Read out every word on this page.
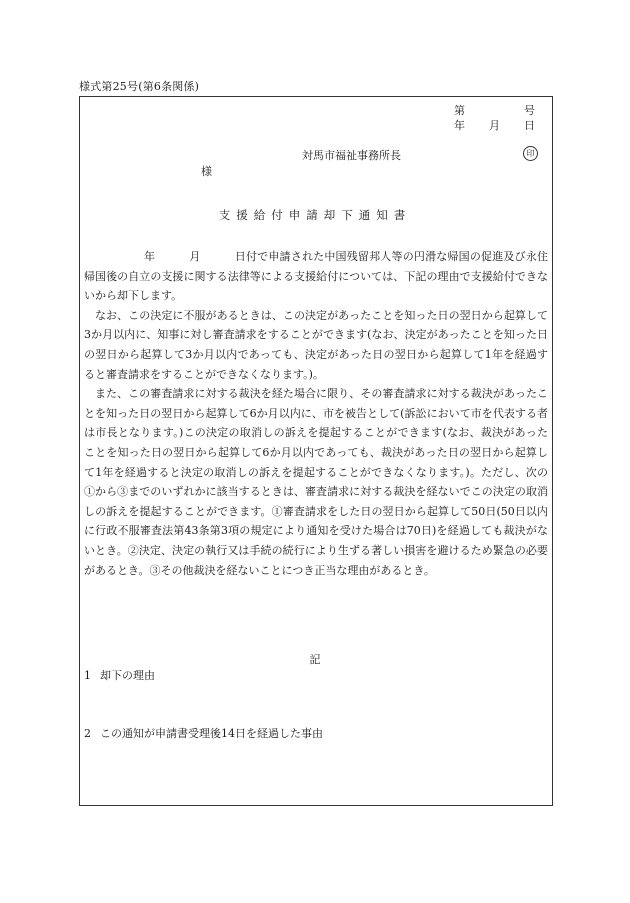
様式第25号(第6条関係)
第	号
年 月 日
対馬市福祉事務所長	印
様
支援給付申請却下通知書

年	月	日付で申請された中国残留邦人等の円滑な帰国の促進及び永住帰国後の自立の支援に関する法律等による支援給付については、下記の理由で支援給付できないから却下します。

なお、この決定に不服があるときは、この決定があったことを知った日の翌日から起算して3か月以内に、知事に対し審査請求をすることができます(なお、決定があったことを知った日の翌日から起算して3か月以内であっても、決定があった日の翌日から起算して1年を経過すると審査請求をすることができなくなります。)。

また、この審査請求に対する裁決を経た場合に限り、その審査請求に対する裁決があったことを知った日の翌日から起算して6か月以内に、市を被告として(訴訟において市を代表する者は市長となります。)この決定の取消しの訴えを提起することができます(なお、裁決があったことを知った日の翌日から起算して6か月以内であっても、裁決があった日の翌日から起算して1年を経過すると決定の取消しの訴えを提起することができなくなります。)。ただし、次の①から③までのいずれかに該当するときは、審査請求に対する裁決を経ないでこの決定の取消しの訴えを提起することができます。①審査請求をした日の翌日から起算して50日(50日以内に行政不服審査法第43条第3項の規定により通知を受けた場合は70日)を経過しても裁決がないとき。②決定、決定の執行又は手続の続行により生ずる著しい損害を避けるため緊急の必要があるとき。③その他裁決を経ないことにつき正当な理由があるとき。

記
1 却下の理由
2 この通知が申請書受理後14日を経過した事由
